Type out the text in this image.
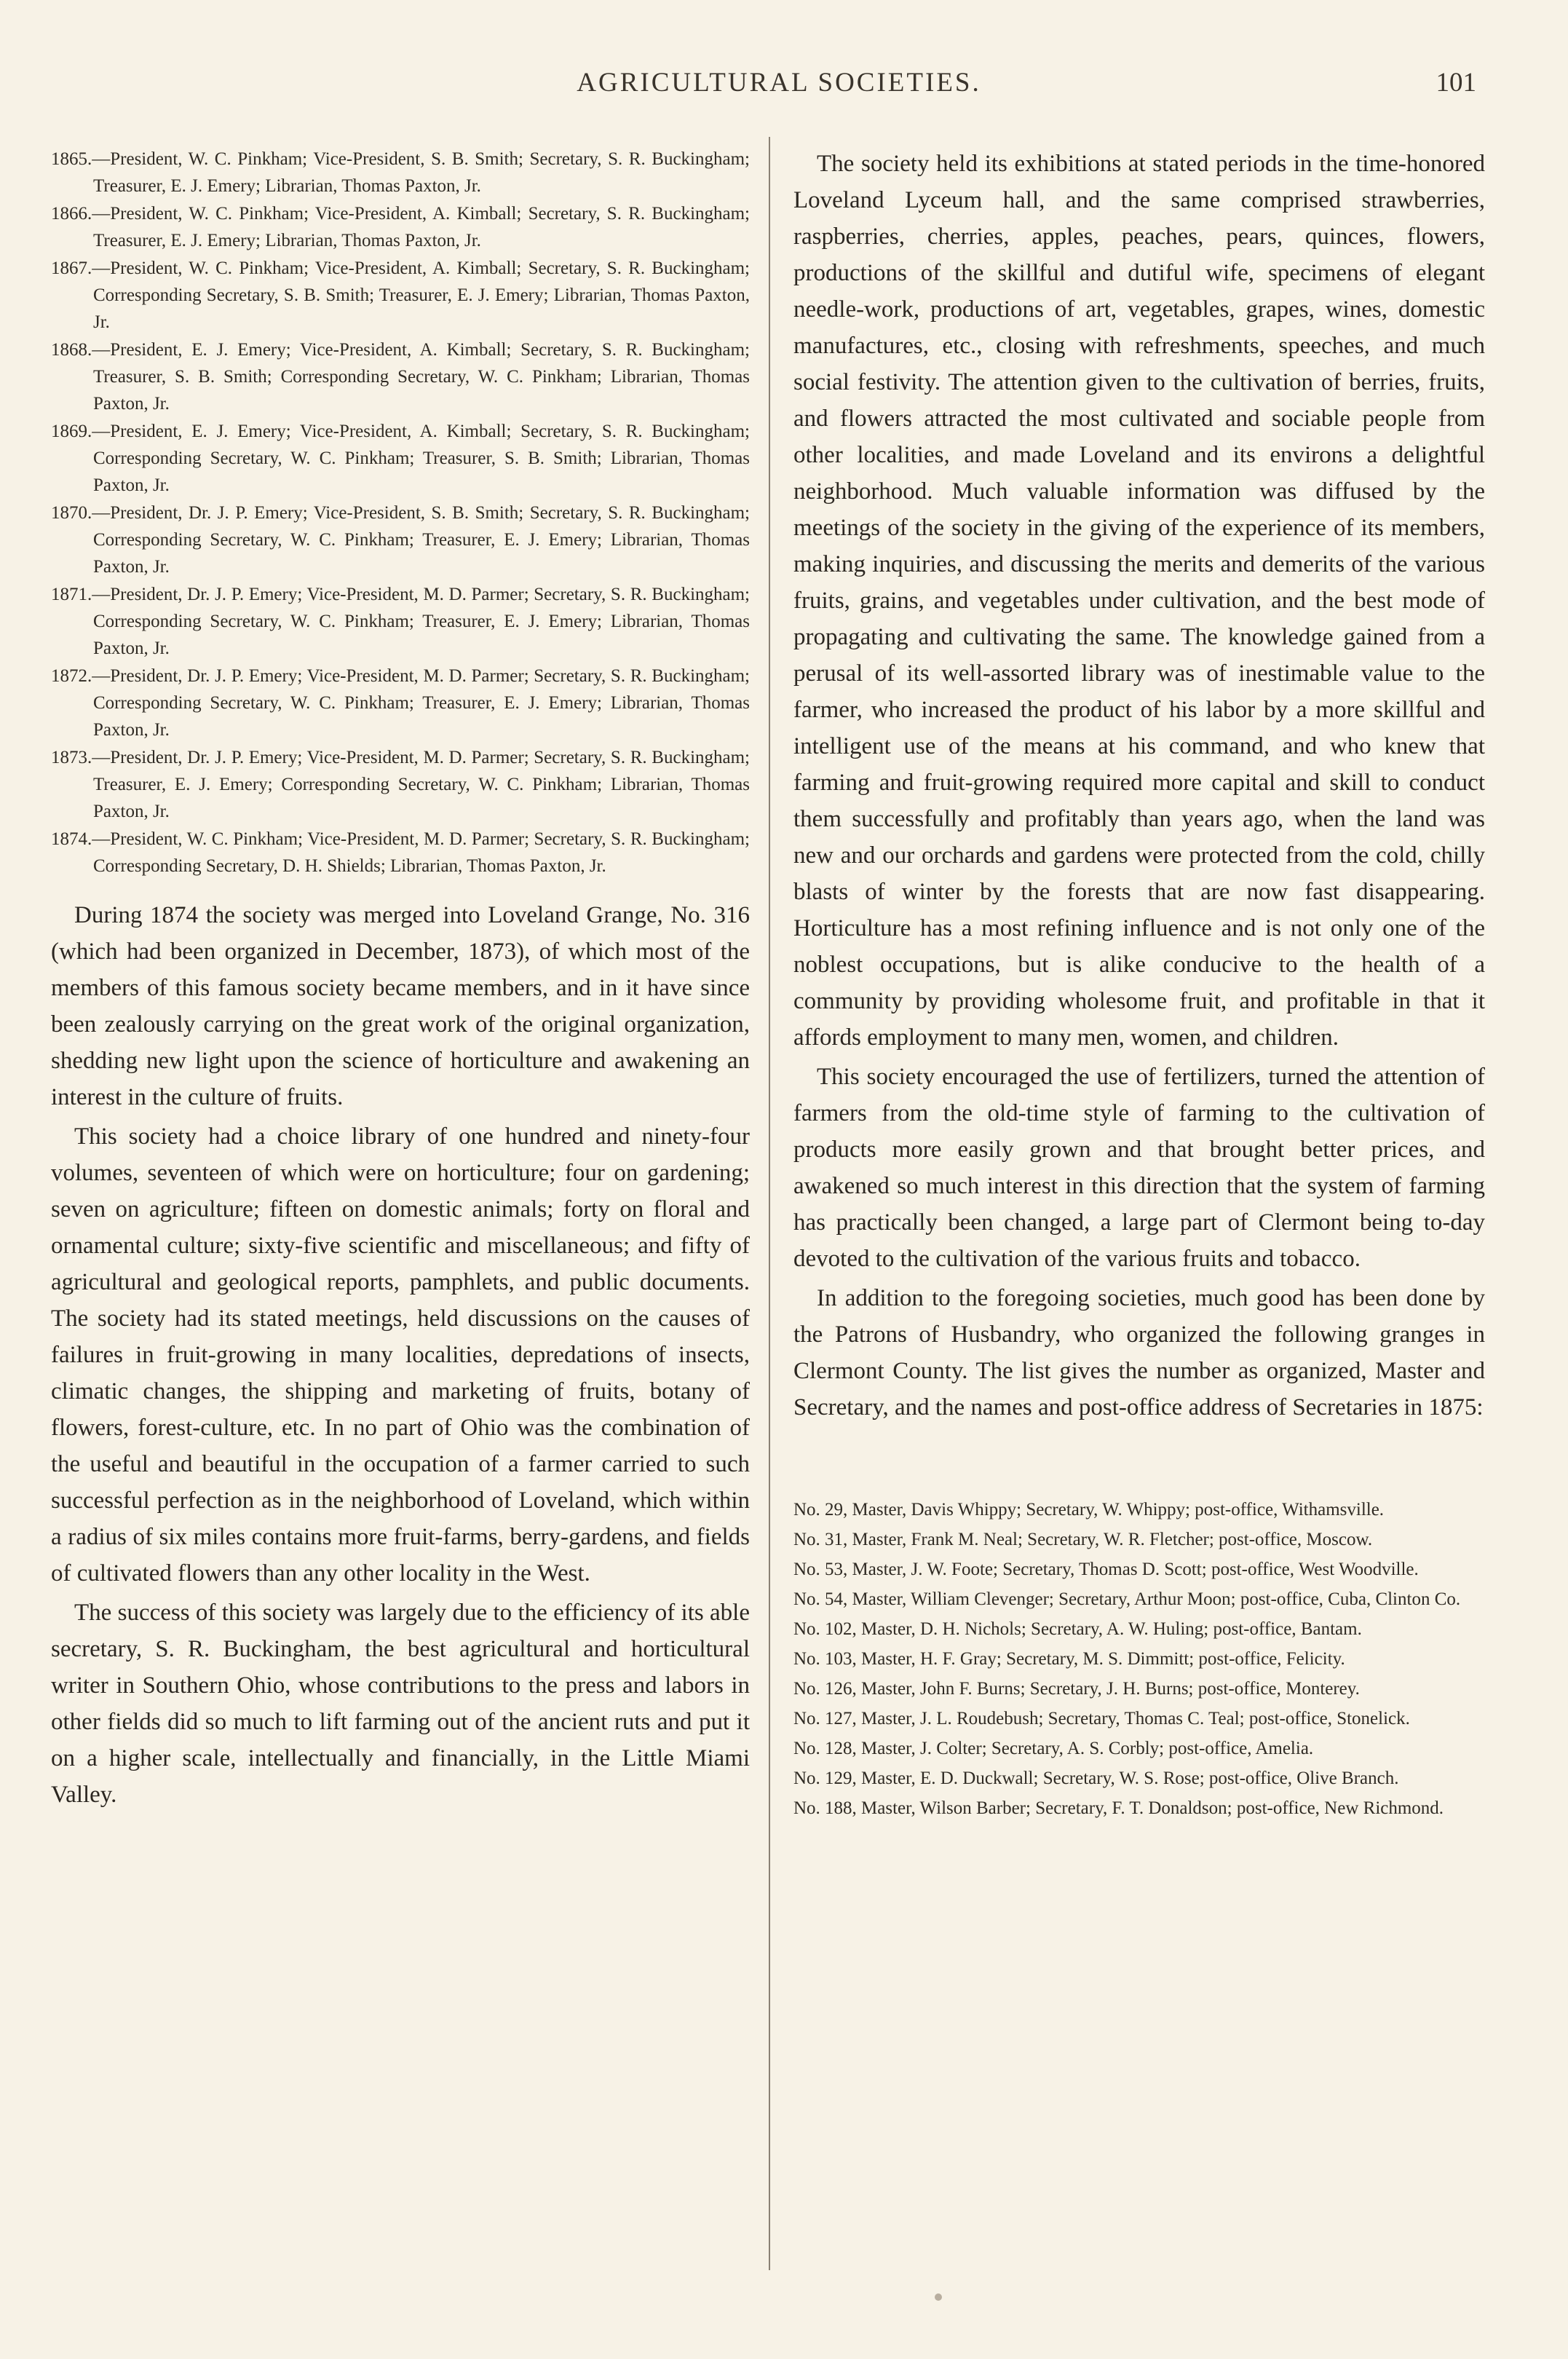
AGRICULTURAL SOCIETIES.	101

1865.—President, W. C. Pinkham; Vice-President, S. B. Smith; Secretary, S. R. Buckingham; Treasurer, E. J. Emery; Librarian, Thomas Paxton, Jr.

1866.—President, W. C. Pinkham; Vice-President, A. Kimball; Secretary, S. R. Buckingham; Treasurer, E. J. Emery; Librarian, Thomas Paxton, Jr.

1867.—President, W. C. Pinkham; Vice-President, A. Kimball; Secretary, S. R. Buckingham; Corresponding Secretary, S. B. Smith; Treasurer, E. J. Emery; Librarian, Thomas Paxton, Jr.

1868.—President, E. J. Emery; Vice-President, A. Kimball; Secretary, S. R. Buckingham; Treasurer, S. B. Smith; Corresponding Secretary, W. C. Pinkham; Librarian, Thomas Paxton, Jr.

1869.—President, E. J. Emery; Vice-President, A. Kimball; Secretary, S. R. Buckingham; Corresponding Secretary, W. C. Pinkham; Treasurer, S. B. Smith; Librarian, Thomas Paxton, Jr.

1870.—President, Dr. J. P. Emery; Vice-President, S. B. Smith; Secretary, S. R. Buckingham; Corresponding Secretary, W. C. Pinkham; Treasurer, E. J. Emery; Librarian, Thomas Paxton, Jr.

1871.—President, Dr. J. P. Emery; Vice-President, M. D. Parmer; Secretary, S. R. Buckingham; Corresponding Secretary, W. C. Pinkham; Treasurer, E. J. Emery; Librarian, Thomas Paxton, Jr.

1872.—President, Dr. J. P. Emery; Vice-President, M. D. Parmer; Secretary, S. R. Buckingham; Corresponding Secretary, W. C. Pinkham; Treasurer, E. J. Emery; Librarian, Thomas Paxton, Jr.

1873.—President, Dr. J. P. Emery; Vice-President, M. D. Parmer; Secretary, S. R. Buckingham; Treasurer, E. J. Emery; Corresponding Secretary, W. C. Pinkham; Librarian, Thomas Paxton, Jr.

1874.—President, W. C. Pinkham; Vice-President, M. D. Parmer; Secretary, S. R. Buckingham; Corresponding Secretary, D. H. Shields; Librarian, Thomas Paxton, Jr.

During 1874 the society was merged into Loveland Grange, No. 316 (which had been organized in December, 1873), of which most of the members of this famous society became members, and in it have since been zealously carrying on the great work of the original organization, shedding new light upon the science of horticulture and awakening an interest in the culture of fruits.

This society had a choice library of one hundred and ninety-four volumes, seventeen of which were on horticulture; four on gardening; seven on agriculture; fifteen on domestic animals; forty on floral and ornamental culture; sixty-five scientific and miscellaneous; and fifty of agricultural and geological reports, pamphlets, and public documents. The society had its stated meetings, held discussions on the causes of failures in fruit-growing in many localities, depredations of insects, climatic changes, the shipping and marketing of fruits, botany of flowers, forest-culture, etc. In no part of Ohio was the combination of the useful and beautiful in the occupation of a farmer carried to such successful perfection as in the neighborhood of Loveland, which within a radius of six miles contains more fruit-farms, berry-gardens, and fields of cultivated flowers than any other locality in the West.

The success of this society was largely due to the efficiency of its able secretary, S. R. Buckingham, the best agricultural and horticultural writer in Southern Ohio, whose contributions to the press and labors in other fields did so much to lift farming out of the ancient ruts and put it on a higher scale, intellectually and financially, in the Little Miami Valley.

The society held its exhibitions at stated periods in the time-honored Loveland Lyceum hall, and the same comprised strawberries, raspberries, cherries, apples, peaches, pears, quinces, flowers, productions of the skillful and dutiful wife, specimens of elegant needle-work, productions of art, vegetables, grapes, wines, domestic manufactures, etc., closing with refreshments, speeches, and much social festivity. The attention given to the cultivation of berries, fruits, and flowers attracted the most cultivated and sociable people from other localities, and made Loveland and its environs a delightful neighborhood. Much valuable information was diffused by the meetings of the society in the giving of the experience of its members, making inquiries, and discussing the merits and demerits of the various fruits, grains, and vegetables under cultivation, and the best mode of propagating and cultivating the same. The knowledge gained from a perusal of its well-assorted library was of inestimable value to the farmer, who increased the product of his labor by a more skillful and intelligent use of the means at his command, and who knew that farming and fruit-growing required more capital and skill to conduct them successfully and profitably than years ago, when the land was new and our orchards and gardens were protected from the cold, chilly blasts of winter by the forests that are now fast disappearing. Horticulture has a most refining influence and is not only one of the noblest occupations, but is alike conducive to the health of a community by providing wholesome fruit, and profitable in that it affords employment to many men, women, and children.

This society encouraged the use of fertilizers, turned the attention of farmers from the old-time style of farming to the cultivation of products more easily grown and that brought better prices, and awakened so much interest in this direction that the system of farming has practically been changed, a large part of Clermont being to-day devoted to the cultivation of the various fruits and tobacco.

In addition to the foregoing societies, much good has been done by the Patrons of Husbandry, who organized the following granges in Clermont County. The list gives the number as organized, Master and Secretary, and the names and post-office address of Secretaries in 1875:

No. 29, Master, Davis Whippy; Secretary, W. Whippy; post-office, Withamsville.

No. 31, Master, Frank M. Neal; Secretary, W. R. Fletcher; post-office, Moscow.

No. 53, Master, J. W. Foote; Secretary, Thomas D. Scott; post-office, West Woodville.

No. 54, Master, William Clevenger; Secretary, Arthur Moon; post-office, Cuba, Clinton Co.

No. 102, Master, D. H. Nichols; Secretary, A. W. Huling; post-office, Bantam.

No. 103, Master, H. F. Gray; Secretary, M. S. Dimmitt; post-office, Felicity.

No. 126, Master, John F. Burns; Secretary, J. H. Burns; post-office, Monterey.

No. 127, Master, J. L. Roudebush; Secretary, Thomas C. Teal; post-office, Stonelick.

No. 128, Master, J. Colter; Secretary, A. S. Corbly; post-office, Amelia.

No. 129, Master, E. D. Duckwall; Secretary, W. S. Rose; post-office, Olive Branch.

No. 188, Master, Wilson Barber; Secretary, F. T. Donaldson; post-office, New Richmond.
